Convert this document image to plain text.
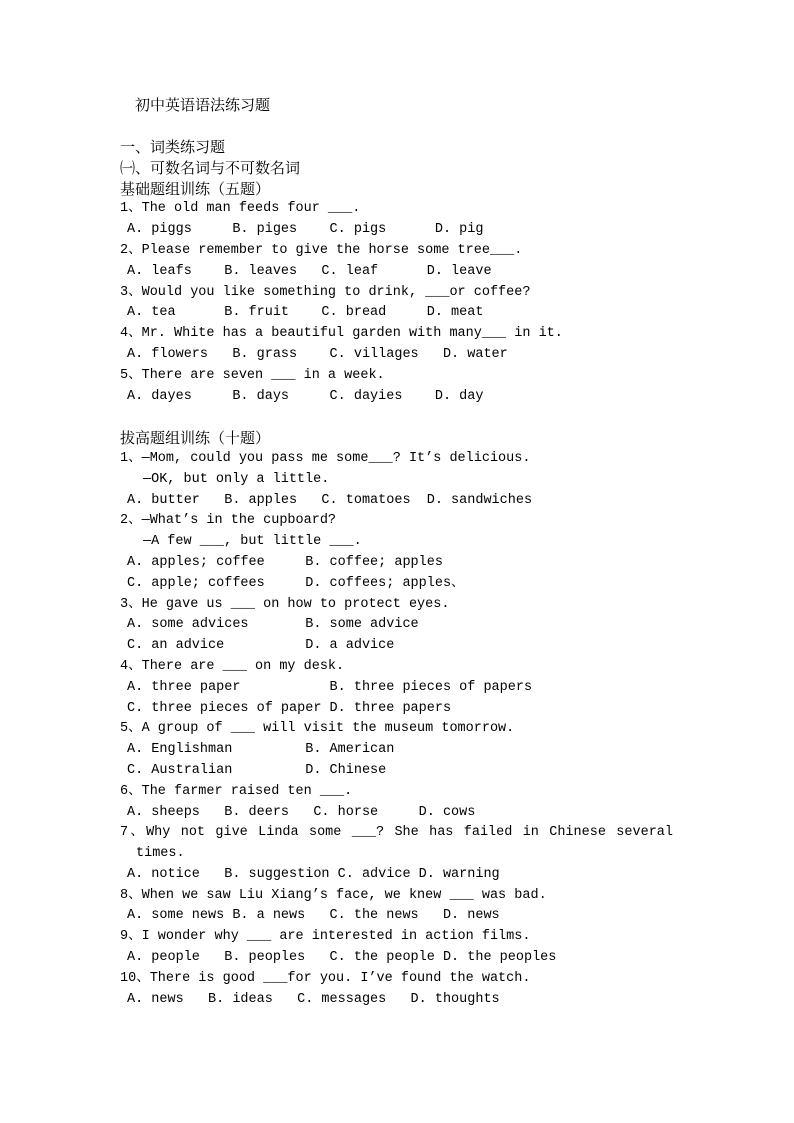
初中英语语法练习题
一、词类练习题
㈠、可数名词与不可数名词
基础题组训练（五题）
1、The old man feeds four ___.
A. piggs     B. piges    C. pigs      D. pig
2、Please remember to give the horse some tree___.
A. leafs    B. leaves   C. leaf      D. leave
3、Would you like something to drink, ___or coffee?
A. tea      B. fruit    C. bread     D. meat
4、Mr. White has a beautiful garden with many___ in it.
A. flowers   B. grass    C. villages   D. water
5、There are seven ___ in a week.
A. dayes     B. days     C. dayies    D. day
拔高题组训练（十题）
1、—Mom, could you pass me some___? It’s delicious.
—OK, but only a little.
A. butter   B. apples   C. tomatoes  D. sandwiches
2、—What’s in the cupboard?
—A few ___, but little ___.
A. apples; coffee     B. coffee; apples
C. apple; coffees     D. coffees; apples、
3、He gave us ___ on how to protect eyes.
A. some advices       B. some advice
C. an advice          D. a advice
4、There are ___ on my desk.
A. three paper           B. three pieces of papers
C. three pieces of paper D. three papers
5、A group of ___ will visit the museum tomorrow.
A. Englishman         B. American
C. Australian         D. Chinese
6、The farmer raised ten ___.
A. sheeps   B. deers   C. horse     D. cows
7、Why not give Linda some ___? She has failed in Chinese several
times.
A. notice   B. suggestion C. advice D. warning
8、When we saw Liu Xiang’s face, we knew ___ was bad.
A. some news B. a news   C. the news   D. news
9、I wonder why ___ are interested in action films.
A. people   B. peoples   C. the people D. the peoples
10、There is good ___for you. I’ve found the watch.
A. news   B. ideas   C. messages   D. thoughts
